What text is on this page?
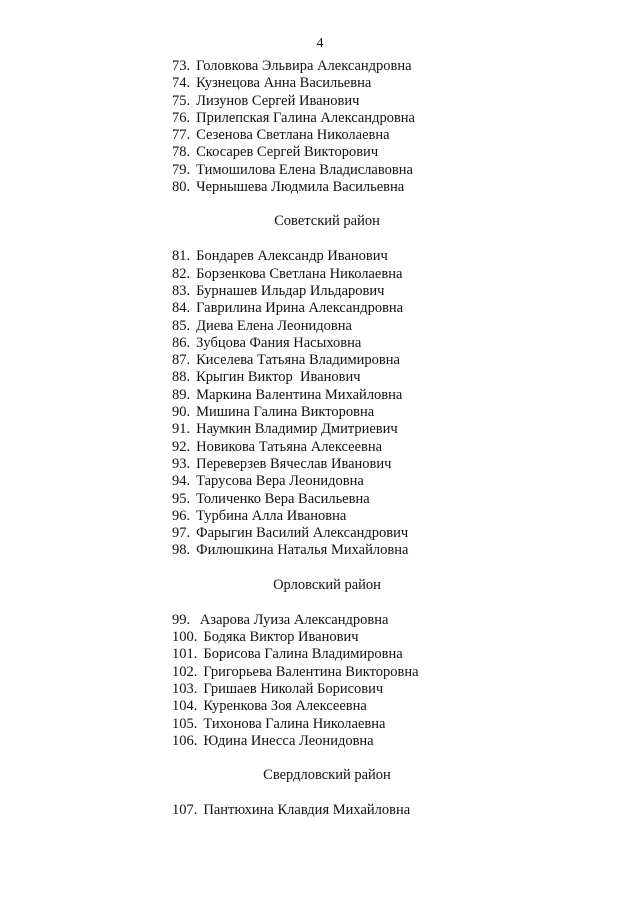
4
73. Головкова Эльвира Александровна
74. Кузнецова Анна Васильевна
75. Лизунов Сергей Иванович
76. Прилепская Галина Александровна
77. Сезенова Светлана Николаевна
78. Скосарев Сергей Викторович
79. Тимошилова Елена Владиславовна
80. Чернышева Людмила Васильевна
Советский район
81. Бондарев Александр Иванович
82. Борзенкова Светлана Николаевна
83. Бурнашев Ильдар Ильдарович
84. Гаврилина Ирина Александровна
85. Диева Елена Леонидовна
86. Зубцова Фания Насыховна
87. Киселева Татьяна Владимировна
88. Крыгин Виктор  Иванович
89. Маркина Валентина Михайловна
90. Мишина Галина Викторовна
91. Наумкин Владимир Дмитриевич
92. Новикова Татьяна Алексеевна
93. Переверзев Вячеслав Иванович
94. Тарусова Вера Леонидовна
95. Толиченко Вера Васильевна
96. Турбина Алла Ивановна
97. Фарыгин Василий Александрович
98. Филюшкина Наталья Михайловна
Орловский район
99. Азарова Луиза Александровна
100. Бодяка Виктор Иванович
101. Борисова Галина Владимировна
102. Григорьева Валентина Викторовна
103. Гришаев Николай Борисович
104. Куренкова Зоя Алексеевна
105. Тихонова Галина Николаевна
106. Юдина Инесса Леонидовна
Свердловский район
107. Пантюхина Клавдия Михайловна
